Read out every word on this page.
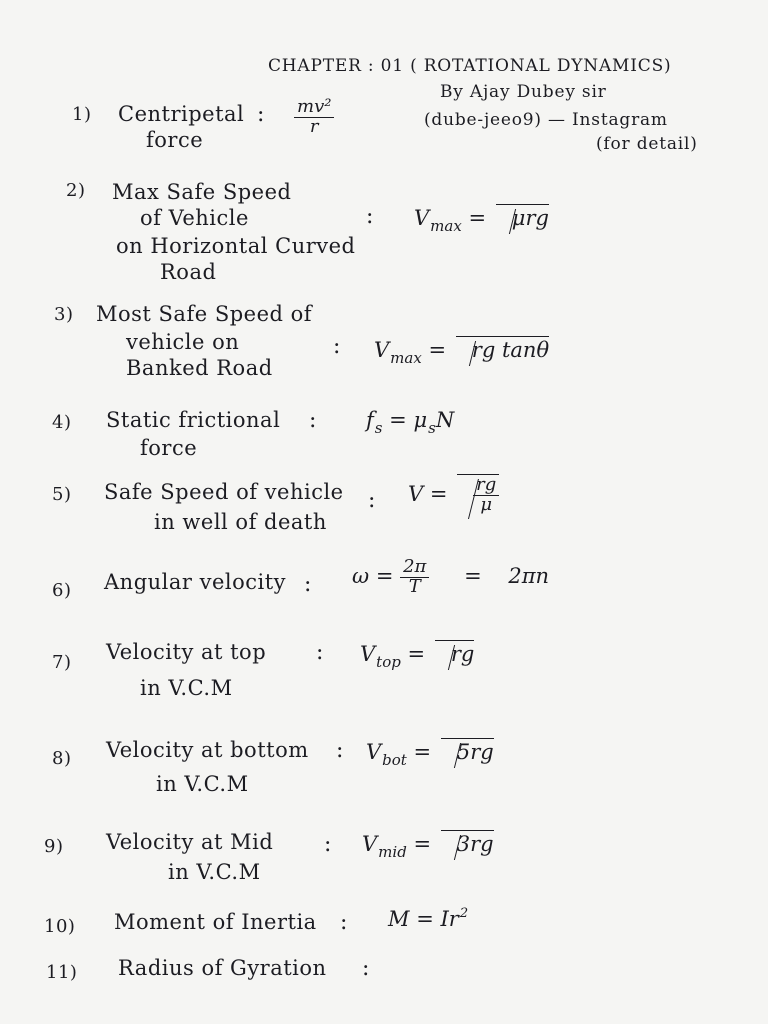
CHAPTER : 01 ( ROTATIONAL DYNAMICS)
By Ajay Dubey sir
(dube-jeeo9) — Instagram
(for detail)
1) Centripetal
force
: $\frac{\text{mv²}}{r}$
2) Max Safe Speed
of Vehicle
on Horizontal Curved
Road
: $V_{max} = \mu rg$
3) Most Safe Speed of
vehicle on
Banked Road
: $V_{max}$ = rg tanθ
4) Static frictional
force
: $f_s = \mu_sN$
5) Safe Speed of vehicle
in well of death
: $V = \frac{rg}{\mu}$
6) Angular velocity : $\omega = \frac{2\pi}{T} = 2\pi n$
7) Velocity at top
in V.C.M
: $V_{top}$ = rg
8) Velocity at bottom
in V.C.M
: $V_{bot} = 5rg$
9) Velocity at Mid
in V.C.M
: $V_{mid} = 3rg$
10) Moment of Inertia : $M = Ir^2$
11) Radius of Gyration :
